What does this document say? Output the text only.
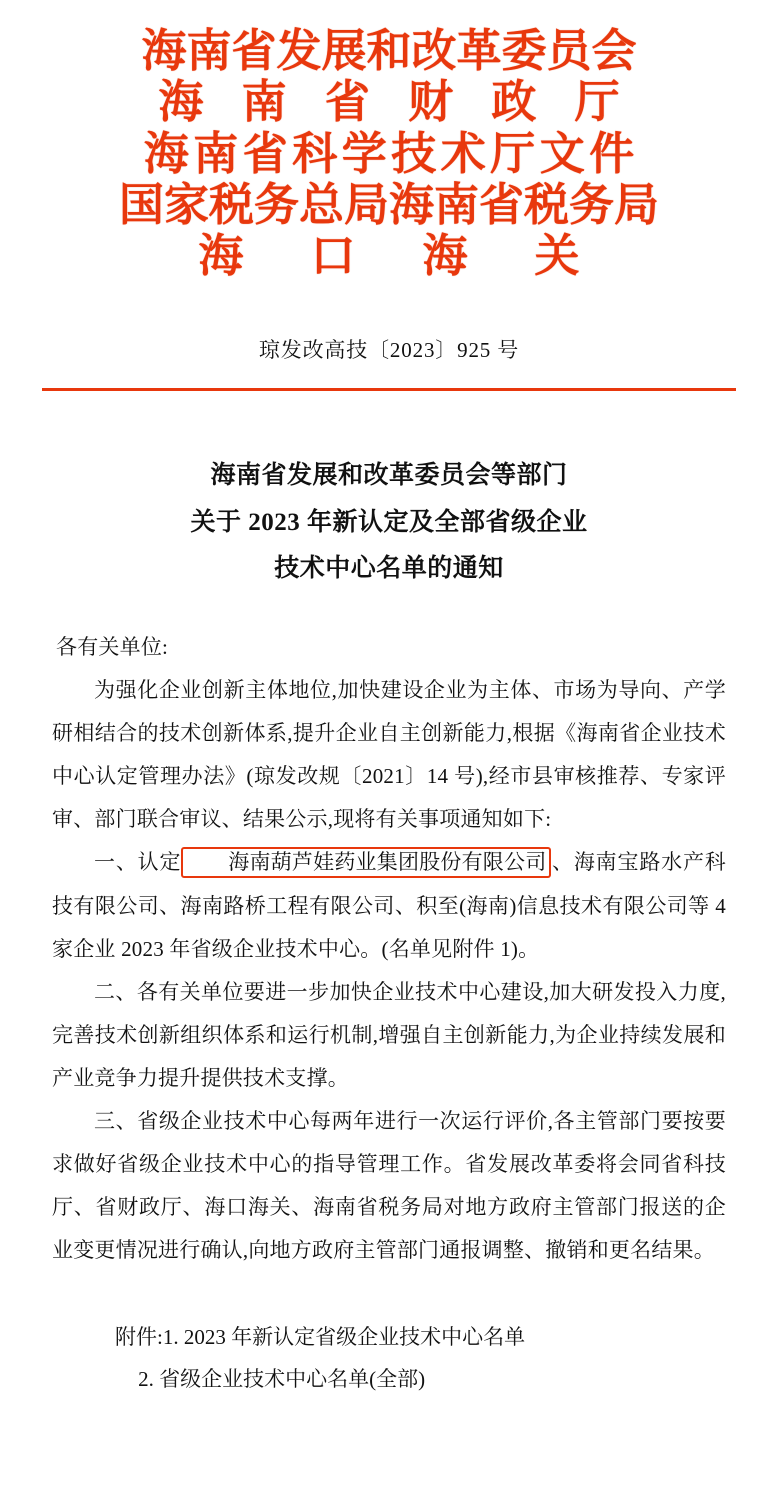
海南省发展和改革委员会
海 南 省 财 政 厅
海南省科学技术厅文件
国家税务总局海南省税务局
海 口 海 关
琼发改高技〔2023〕925 号
海南省发展和改革委员会等部门
关于 2023 年新认定及全部省级企业
技术中心名单的通知

各有关单位:

为强化企业创新主体地位,加快建设企业为主体、市场为导向、产学研相结合的技术创新体系,提升企业自主创新能力,根据《海南省企业技术中心认定管理办法》(琼发改规〔2021〕14 号),经市县审核推荐、专家评审、部门联合审议、结果公示,现将有关事项通知如下:

一、认定 海南葫芦娃药业集团股份有限公司 、海南宝路水产科技有限公司、海南路桥工程有限公司、积至(海南)信息技术有限公司等 4 家企业 2023 年省级企业技术中心。(名单见附件 1)。

二、各有关单位要进一步加快企业技术中心建设,加大研发投入力度,完善技术创新组织体系和运行机制,增强自主创新能力,为企业持续发展和产业竞争力提升提供技术支撑。

三、省级企业技术中心每两年进行一次运行评价,各主管部门要按要求做好省级企业技术中心的指导管理工作。省发展改革委将会同省科技厅、省财政厅、海口海关、海南省税务局对地方政府主管部门报送的企业变更情况进行确认,向地方政府主管部门通报调整、撤销和更名结果。

附件:1. 2023 年新认定省级企业技术中心名单
2. 省级企业技术中心名单(全部)
